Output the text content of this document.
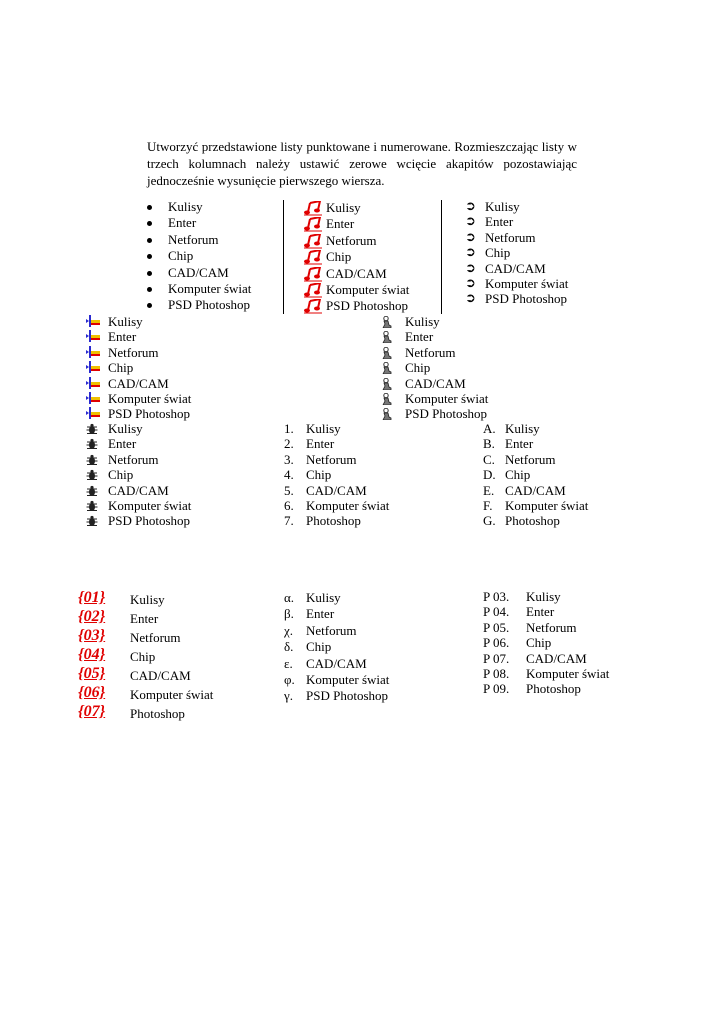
Utworzyć przedstawione listy punktowane i numerowane. Rozmieszczając listy w trzech kolumnach należy ustawić zerowe wcięcie akapitów pozostawiając jednocześnie wysunięcie pierwszego wiersza.
Kulisy
Enter
Netforum
Chip
CAD/CAM
Komputer świat
PSD Photoshop
Kulisy
Enter
Netforum
Chip
CAD/CAM
Komputer świat
PSD Photoshop
➲ Kulisy
➲ Enter
➲ Netforum
➲ Chip
➲ CAD/CAM
➲ Komputer świat
➲ PSD Photoshop
Kulisy
Enter
Netforum
Chip
CAD/CAM
Komputer świat
PSD Photoshop
Kulisy
Enter
Netforum
Chip
CAD/CAM
Komputer świat
PSD Photoshop
Kulisy
Enter
Netforum
Chip
CAD/CAM
Komputer świat
PSD Photoshop
1. Kulisy
2. Enter
3. Netforum
4. Chip
5. CAD/CAM
6. Komputer świat
7. Photoshop
A. Kulisy
B. Enter
C. Netforum
D. Chip
E. CAD/CAM
F. Komputer świat
G. Photoshop
{01} Kulisy
{02} Enter
{03} Netforum
{04} Chip
{05} CAD/CAM
{06} Komputer świat
{07} Photoshop
α. Kulisy
β. Enter
χ. Netforum
δ. Chip
ε. CAD/CAM
φ. Komputer świat
γ. PSD Photoshop
P 03. Kulisy
P 04. Enter
P 05. Netforum
P 06. Chip
P 07. CAD/CAM
P 08. Komputer świat
P 09. Photoshop
